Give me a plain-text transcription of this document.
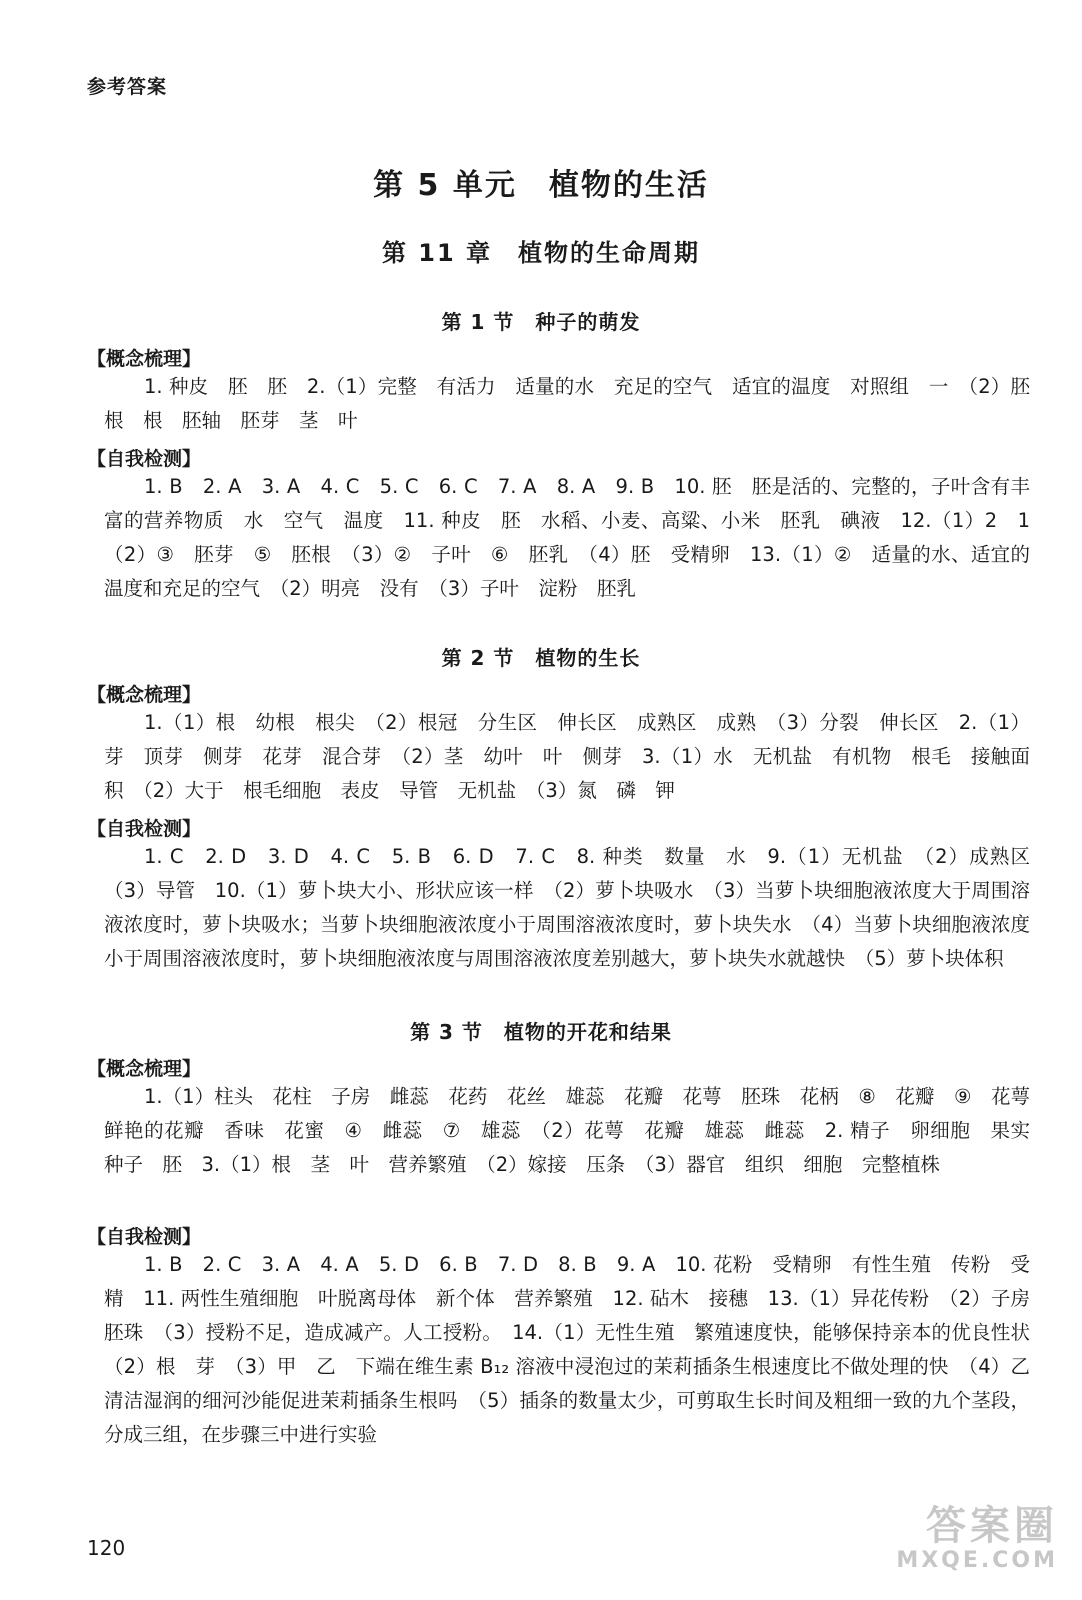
参考答案
第 5 单元　植物的生活
第 11 章　植物的生命周期
第 1 节　种子的萌发
【概念梳理】

1. 种皮　胚　胚　2.（1）完整　有活力　适量的水　充足的空气　适宜的温度　对照组　一　（2）胚根　根　胚轴　胚芽　茎　叶

【自我检测】

1. B　2. A　3. A　4. C　5. C　6. C　7. A　8. A　9. B　10. 胚　胚是活的、完整的，子叶含有丰富的营养物质　水　空气　温度　11. 种皮　胚　水稻、小麦、高粱、小米　胚乳　碘液　12.（1）2　1　（2）③　胚芽　⑤　胚根　（3）②　子叶　⑥　胚乳　（4）胚　受精卵　13.（1）②　适量的水、适宜的温度和充足的空气　（2）明亮　没有　（3）子叶　淀粉　胚乳

第 2 节　植物的生长
【概念梳理】

1.（1）根　幼根　根尖　（2）根冠　分生区　伸长区　成熟区　成熟　（3）分裂　伸长区　2.（1）芽　顶芽　侧芽　花芽　混合芽　（2）茎　幼叶　叶　侧芽　3.（1）水　无机盐　有机物　根毛　接触面积　（2）大于　根毛细胞　表皮　导管　无机盐　（3）氮　磷　钾

【自我检测】

1. C　2. D　3. D　4. C　5. B　6. D　7. C　8. 种类　数量　水　9.（1）无机盐　（2）成熟区　（3）导管　10.（1）萝卜块大小、形状应该一样　（2）萝卜块吸水　（3）当萝卜块细胞液浓度大于周围溶液浓度时，萝卜块吸水；当萝卜块细胞液浓度小于周围溶液浓度时，萝卜块失水　（4）当萝卜块细胞液浓度小于周围溶液浓度时，萝卜块细胞液浓度与周围溶液浓度差别越大，萝卜块失水就越快　（5）萝卜块体积

第 3 节　植物的开花和结果
【概念梳理】

1.（1）柱头　花柱　子房　雌蕊　花药　花丝　雄蕊　花瓣　花萼　胚珠　花柄　⑧　花瓣　⑨　花萼　鲜艳的花瓣　香味　花蜜　④　雌蕊　⑦　雄蕊　（2）花萼　花瓣　雄蕊　雌蕊　2. 精子　卵细胞　果实　种子　胚　3.（1）根　茎　叶　营养繁殖　（2）嫁接　压条　（3）器官　组织　细胞　完整植株

【自我检测】

1. B　2. C　3. A　4. A　5. D　6. B　7. D　8. B　9. A　10. 花粉　受精卵　有性生殖　传粉　受精　11. 两性生殖细胞　叶脱离母体　新个体　营养繁殖　12. 砧木　接穗　13.（1）异花传粉　（2）子房　胚珠　（3）授粉不足，造成减产。人工授粉。　14.（1）无性生殖　繁殖速度快，能够保持亲本的优良性状　（2）根　芽　（3）甲　乙　下端在维生素 B₁₂ 溶液中浸泡过的茉莉插条生根速度比不做处理的快　（4）乙　清洁湿润的细河沙能促进茉莉插条生根吗　（5）插条的数量太少，可剪取生长时间及粗细一致的九个茎段，分成三组，在步骤三中进行实验

120	答案圈
MXQE.COM
